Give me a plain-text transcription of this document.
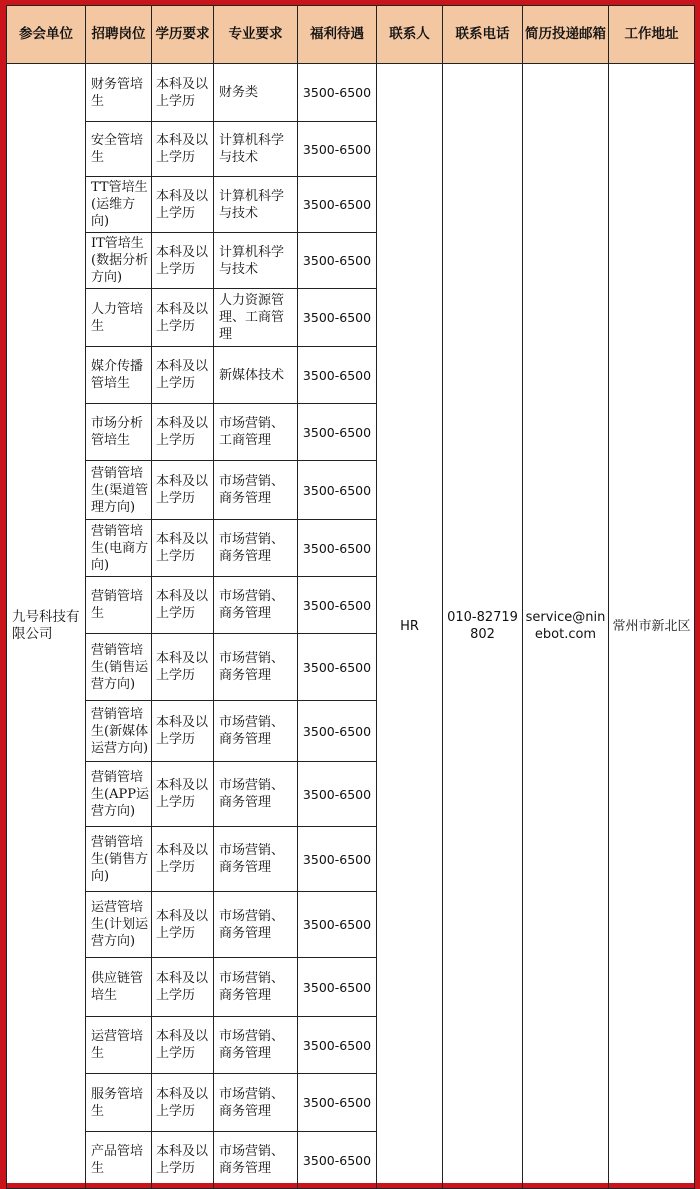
参会单位	招聘岗位	学历要求	专业要求	福利待遇	联系人	联系电话	简历投递邮箱	工作地址
九号科技有限公司	财务管培生	本科及以上学历	财务类	3500-6500	HR	010-82719802	service@ninebot.com	常州市新北区
	安全管培生	本科及以上学历	计算机科学与技术	3500-6500				
	TT管培生(运维方向)	本科及以上学历	计算机科学与技术	3500-6500				
	IT管培生(数据分析方向)	本科及以上学历	计算机科学与技术	3500-6500				
	人力管培生	本科及以上学历	人力资源管理、工商管理	3500-6500				
	媒介传播管培生	本科及以上学历	新媒体技术	3500-6500				
	市场分析管培生	本科及以上学历	市场营销、工商管理	3500-6500				
	营销管培生(渠道管理方向)	本科及以上学历	市场营销、商务管理	3500-6500				
	营销管培生(电商方向)	本科及以上学历	市场营销、商务管理	3500-6500				
	营销管培生	本科及以上学历	市场营销、商务管理	3500-6500				
	营销管培生(销售运营方向)	本科及以上学历	市场营销、商务管理	3500-6500				
	营销管培生(新媒体运营方向)	本科及以上学历	市场营销、商务管理	3500-6500				
	营销管培生(APP运营方向)	本科及以上学历	市场营销、商务管理	3500-6500				
	营销管培生(销售方向)	本科及以上学历	市场营销、商务管理	3500-6500				
	运营管培生(计划运营方向)	本科及以上学历	市场营销、商务管理	3500-6500				
	供应链管培生	本科及以上学历	市场营销、商务管理	3500-6500				
	运营管培生	本科及以上学历	市场营销、商务管理	3500-6500				
	服务管培生	本科及以上学历	市场营销、商务管理	3500-6500				
	产品管培生	本科及以上学历	市场营销、商务管理	3500-6500				
